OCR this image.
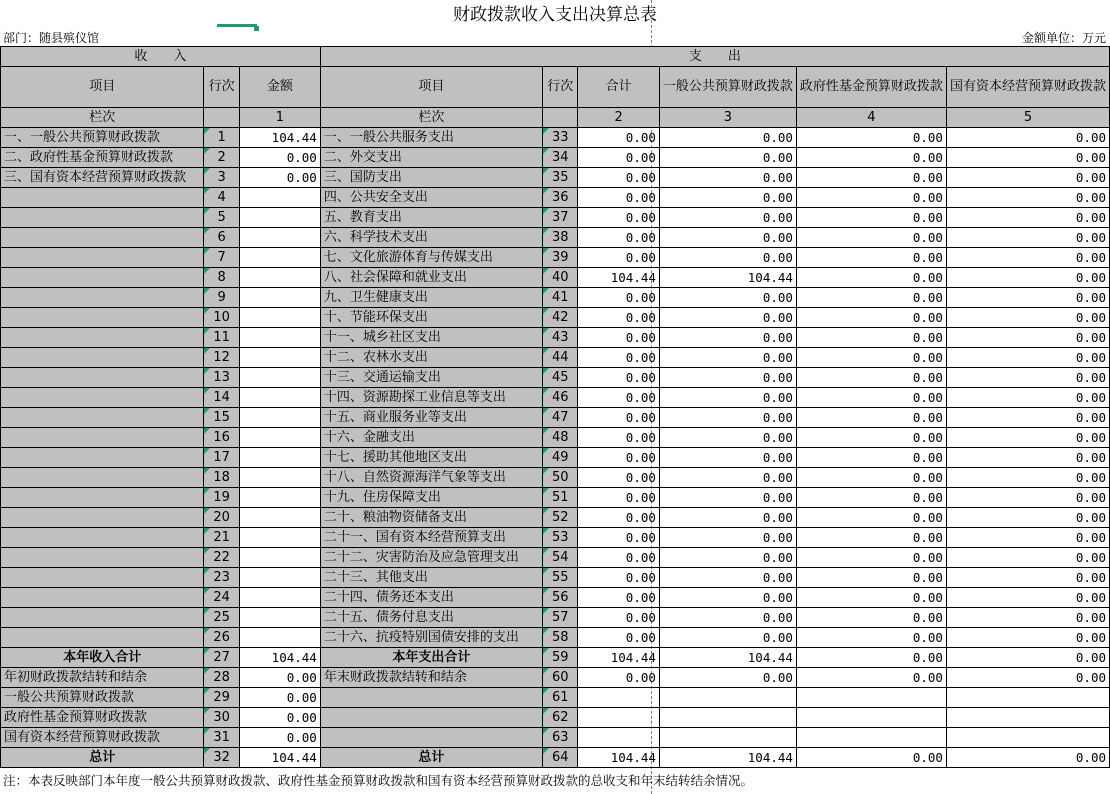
财政拨款收入支出决算总表
部门：随县殡仪馆	金额单位：万元
收　　入			支　　出					
项目	行次	金额	项目	行次	合计	一般公共预算财政拨款	政府性基金预算财政拨款	国有资本经营预算财政拨款
栏次		1	栏次		2	3	4	5
一、一般公共预算财政拨款	1	104.44	一、一般公共服务支出	33	0.00	0.00	0.00	0.00
二、政府性基金预算财政拨款	2	0.00	二、外交支出	34	0.00	0.00	0.00	0.00
三、国有资本经营预算财政拨款	3	0.00	三、国防支出	35	0.00	0.00	0.00	0.00
	4		四、公共安全支出	36	0.00	0.00	0.00	0.00
	5		五、教育支出	37	0.00	0.00	0.00	0.00
	6		六、科学技术支出	38	0.00	0.00	0.00	0.00
	7		七、文化旅游体育与传媒支出	39	0.00	0.00	0.00	0.00
	8		八、社会保障和就业支出	40	104.44	104.44	0.00	0.00
	9		九、卫生健康支出	41	0.00	0.00	0.00	0.00
	10		十、节能环保支出	42	0.00	0.00	0.00	0.00
	11		十一、城乡社区支出	43	0.00	0.00	0.00	0.00
	12		十二、农林水支出	44	0.00	0.00	0.00	0.00
	13		十三、交通运输支出	45	0.00	0.00	0.00	0.00
	14		十四、资源勘探工业信息等支出	46	0.00	0.00	0.00	0.00
	15		十五、商业服务业等支出	47	0.00	0.00	0.00	0.00
	16		十六、金融支出	48	0.00	0.00	0.00	0.00
	17		十七、援助其他地区支出	49	0.00	0.00	0.00	0.00
	18		十八、自然资源海洋气象等支出	50	0.00	0.00	0.00	0.00
	19		十九、住房保障支出	51	0.00	0.00	0.00	0.00
	20		二十、粮油物资储备支出	52	0.00	0.00	0.00	0.00
	21		二十一、国有资本经营预算支出	53	0.00	0.00	0.00	0.00
	22		二十二、灾害防治及应急管理支出	54	0.00	0.00	0.00	0.00
	23		二十三、其他支出	55	0.00	0.00	0.00	0.00
	24		二十四、债务还本支出	56	0.00	0.00	0.00	0.00
	25		二十五、债务付息支出	57	0.00	0.00	0.00	0.00
	26		二十六、抗疫特别国债安排的支出	58	0.00	0.00	0.00	0.00
本年收入合计	27	104.44	本年支出合计	59	104.44	104.44	0.00	0.00
年初财政拨款结转和结余	28	0.00	年末财政拨款结转和结余	60	0.00	0.00	0.00	0.00
一般公共预算财政拨款	29	0.00		61				
政府性基金预算财政拨款	30	0.00		62				
国有资本经营预算财政拨款	31	0.00		63				
总计	32	104.44	总计	64	104.44	104.44	0.00	0.00
注：本表反映部门本年度一般公共预算财政拨款、政府性基金预算财政拨款和国有资本经营预算财政拨款的总收支和年末结转结余情况。
